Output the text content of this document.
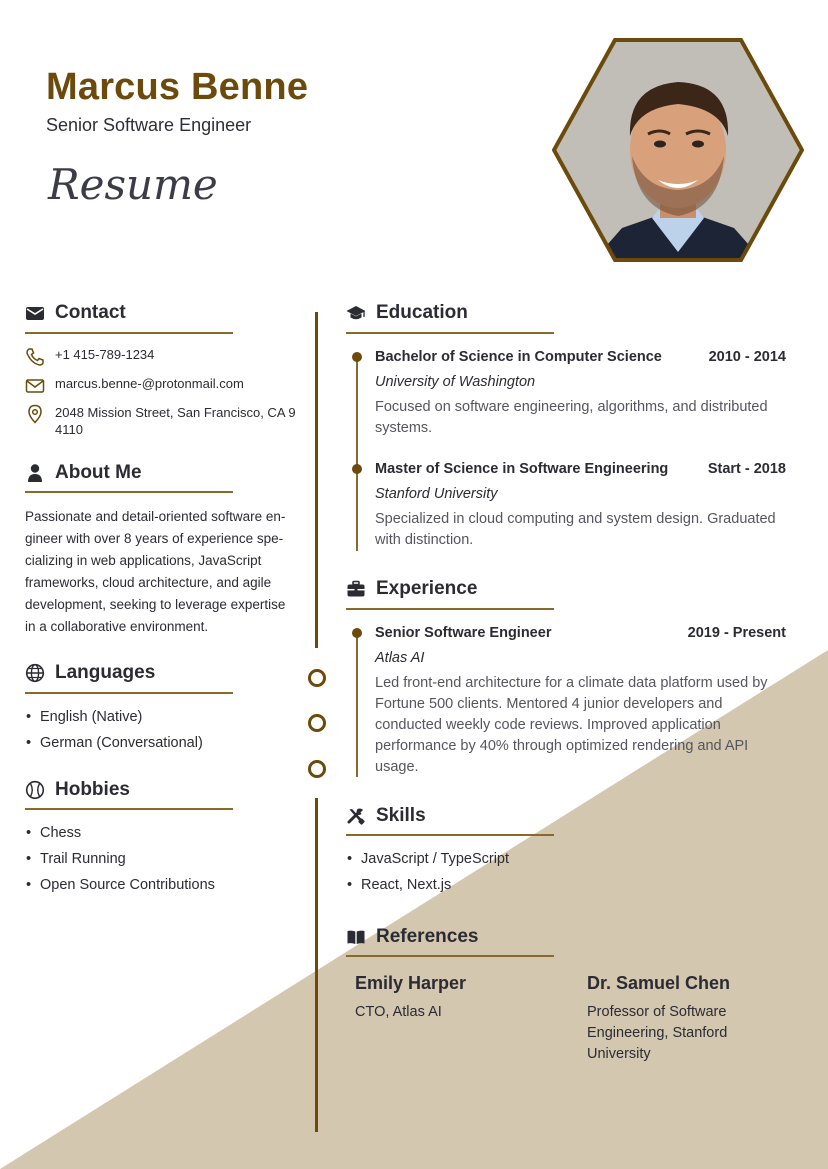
Marcus Benne
Senior Software Engineer
Resume
Contact
+1 415-789-1234
marcus.benne-@protonmail.com
2048 Mission Street, San Francisco, CA 9
4110
About Me
Passionate and detail-oriented software en-
gineer with over 8 years of experience spe-
cializing in web applications, JavaScript
frameworks, cloud architecture, and agile
development, seeking to leverage expertise
in a collaborative environment.
Languages
• English (Native)
• German (Conversational)
Hobbies
• Chess
• Trail Running
• Open Source Contributions
Education
Bachelor of Science in Computer Science	2010 - 2014
University of Washington
Focused on software engineering, algorithms, and distributed
systems.
Master of Science in Software Engineering	Start - 2018
Stanford University
Specialized in cloud computing and system design. Graduated
with distinction.
Experience
Senior Software Engineer	2019 - Present
Atlas AI
Led front-end architecture for a climate data platform used by
Fortune 500 clients. Mentored 4 junior developers and
conducted weekly code reviews. Improved application
performance by 40% through optimized rendering and API
usage.
Skills
• JavaScript / TypeScript
• React, Next.js
References
Emily Harper
CTO, Atlas AI
Dr. Samuel Chen
Professor of Software
Engineering, Stanford
University
